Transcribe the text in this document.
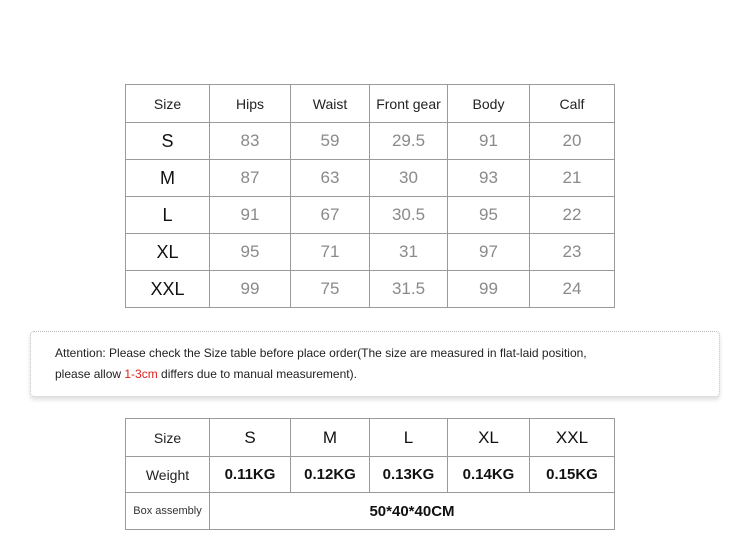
Size	Hips	Waist	Front gear	Body	Calf
S	83	59	29.5	91	20
M	87	63	30	93	21
L	91	67	30.5	95	22
XL	95	71	31	97	23
XXL	99	75	31.5	99	24
Attention: Please check the Size table before place order(The size are measured in flat-laid position,
please allow 1-3cm differs due to manual measurement).
Size	S	M	L	XL	XXL
Weight	0.11KG	0.12KG	0.13KG	0.14KG	0.15KG
Box assembly	50*40*40CM				
